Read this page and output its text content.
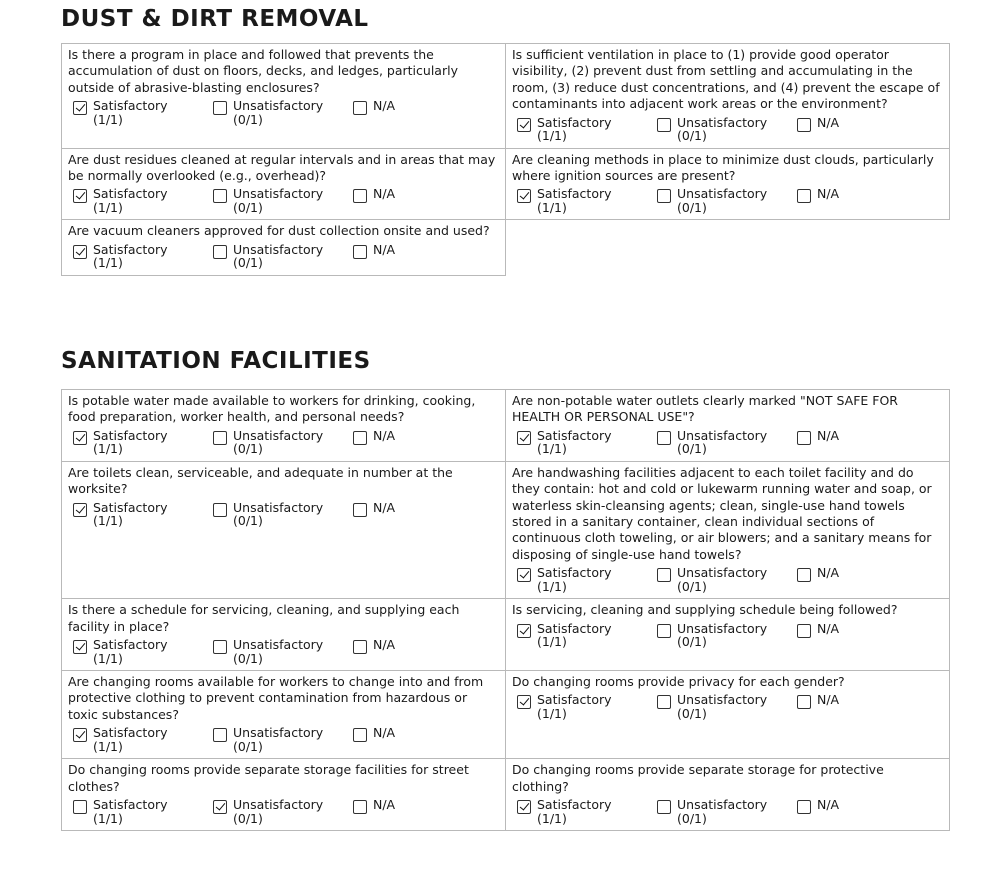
DUST & DIRT REMOVAL

Is there a program in place and followed that prevents the accumulation of dust on floors, decks, and ledges, particularly outside of abrasive-blasting enclosures?

Satisfactory
(1/1)
Unsatisfactory
(0/1)
N/A

Is sufficient ventilation in place to (1) provide good operator visibility, (2) prevent dust from settling and accumulating in the room, (3) reduce dust concentrations, and (4) prevent the escape of contaminants into adjacent work areas or the environment?

Satisfactory
(1/1)
Unsatisfactory
(0/1)
N/A

Are dust residues cleaned at regular intervals and in areas that may be normally overlooked (e.g., overhead)?

Satisfactory
(1/1)
Unsatisfactory
(0/1)
N/A

Are cleaning methods in place to minimize dust clouds, particularly where ignition sources are present?

Satisfactory
(1/1)
Unsatisfactory
(0/1)
N/A

Are vacuum cleaners approved for dust collection onsite and used?

Satisfactory
(1/1)
Unsatisfactory
(0/1)
N/A
SANITATION FACILITIES

Is potable water made available to workers for drinking, cooking, food preparation, worker health, and personal needs?

Satisfactory
(1/1)
Unsatisfactory
(0/1)
N/A

Are non-potable water outlets clearly marked "NOT SAFE FOR HEALTH OR PERSONAL USE"?

Satisfactory
(1/1)
Unsatisfactory
(0/1)
N/A

Are toilets clean, serviceable, and adequate in number at the worksite?

Satisfactory
(1/1)
Unsatisfactory
(0/1)
N/A

Are handwashing facilities adjacent to each toilet facility and do they contain: hot and cold or lukewarm running water and soap, or waterless skin-cleansing agents; clean, single-use hand towels stored in a sanitary container, clean individual sections of continuous cloth toweling, or air blowers; and a sanitary means for disposing of single-use hand towels?

Satisfactory
(1/1)
Unsatisfactory
(0/1)
N/A

Is there a schedule for servicing, cleaning, and supplying each facility in place?

Satisfactory
(1/1)
Unsatisfactory
(0/1)
N/A

Is servicing, cleaning and supplying schedule being followed?

Satisfactory
(1/1)
Unsatisfactory
(0/1)
N/A

Are changing rooms available for workers to change into and from protective clothing to prevent contamination from hazardous or toxic substances?

Satisfactory
(1/1)
Unsatisfactory
(0/1)
N/A

Do changing rooms provide privacy for each gender?

Satisfactory
(1/1)
Unsatisfactory
(0/1)
N/A

Do changing rooms provide separate storage facilities for street clothes?

Satisfactory
(1/1)
Unsatisfactory
(0/1)
N/A

Do changing rooms provide separate storage for protective clothing?

Satisfactory
(1/1)
Unsatisfactory
(0/1)
N/A
